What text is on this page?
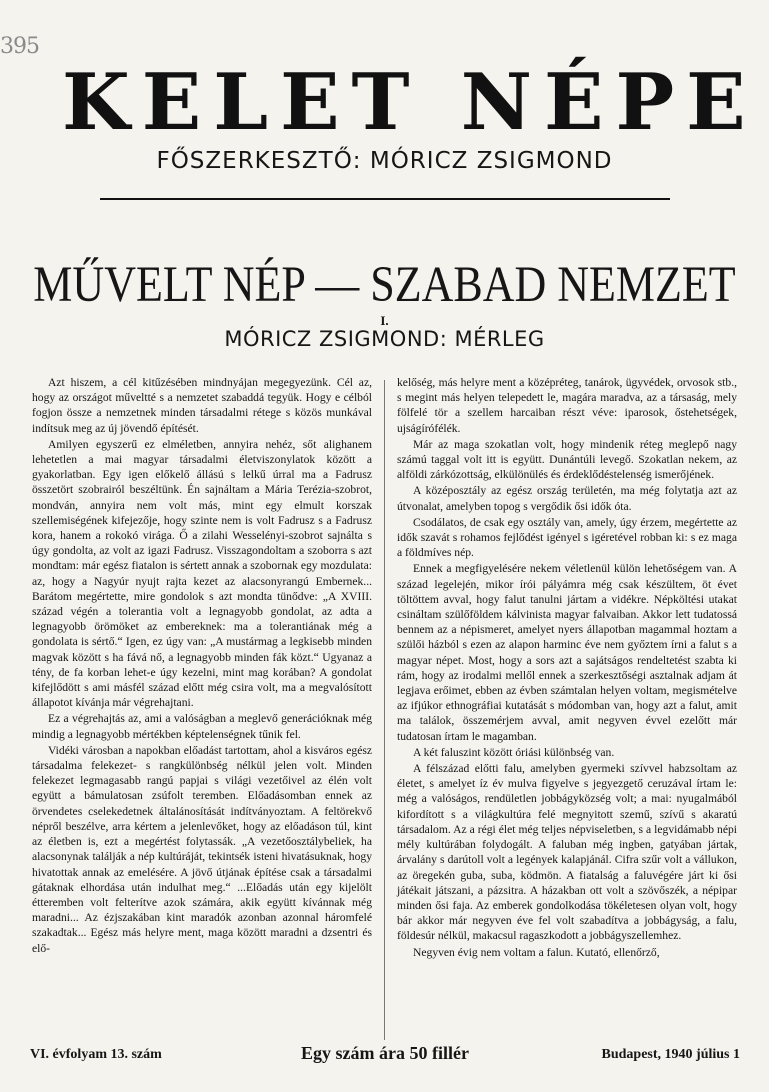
395
KELET NÉPE
FŐSZERKESZTŐ: MÓRICZ ZSIGMOND
MŰVELT NÉP — SZABAD NEMZET
I.
MÓRICZ ZSIGMOND: MÉRLEG

Azt hiszem, a cél kitűzésében mindnyájan megegyezünk. Cél az, hogy az országot műveltté s a nemzetet szabaddá tegyük. Hogy e célból fogjon össze a nemzetnek minden társadalmi rétege s közös munkával indítsuk meg az új jövendő építését.

Amilyen egyszerű ez elméletben, annyira nehéz, sőt alighanem lehetetlen a mai magyar társadalmi életviszonylatok között a gyakorlatban. Egy igen előkelő állású s lelkű úrral ma a Fadrusz összetört szobrairól beszéltünk. Én sajnáltam a Mária Terézia-szobrot, mondván, annyira nem volt más, mint egy elmult korszak szellemiségének kifejezője, hogy szinte nem is volt Fadrusz s a Fadrusz kora, hanem a rokokó virága. Ő a zilahi Wesselényi-szobrot sajnálta s úgy gondolta, az volt az igazi Fadrusz. Visszagondoltam a szoborra s azt mondtam: már egész fiatalon is sértett annak a szobornak egy mozdulata: az, hogy a Nagyúr nyujt rajta kezet az alacsonyrangú Embernek... Barátom megértette, mire gondolok s azt mondta tünődve: „A XVIII. század végén a tolerantia volt a legnagyobb gondolat, az adta a legnagyobb örömöket az embereknek: ma a tolerantiának még a gondolata is sértő.“ Igen, ez úgy van: „A mustármag a legkisebb minden magvak között s ha fává nő, a legnagyobb minden fák közt.“ Ugyanaz a tény, de fa korban lehet-e úgy kezelni, mint mag korában? A gondolat kifejlődött s ami másfél század előtt még csira volt, ma a megvalósított állapotot kívánja már végrehajtani.

Ez a végrehajtás az, ami a valóságban a meglevő generációknak még mindig a legnagyobb mértékben képtelenségnek tűnik fel.

Vidéki városban a napokban előadást tartottam, ahol a kisváros egész társadalma felekezet- s rangkülönbség nélkül jelen volt. Minden felekezet legmagasabb rangú papjai s világi vezetőivel az élén volt együtt a bámulatosan zsúfolt teremben. Előadásomban ennek az örvendetes cselekedetnek általánosítását indítványoztam. A feltörekvő népről beszélve, arra kértem a jelenlevőket, hogy az előadáson túl, kint az életben is, ezt a megértést folytassák. „A vezetőosztálybeliek, ha alacsonynak találják a nép kultúráját, tekintsék isteni hivatásuknak, hogy hivatottak annak az emelésére. A jövő útjának építése csak a társadalmi gátaknak elhordása után indulhat meg.“ ...Előadás után egy kijelölt étteremben volt felterítve azok számára, akik együtt kívánnak még maradni... Az ézjszakában kint maradók azonban azonnal háromfelé szakadtak... Egész más helyre ment, maga között maradni a dzsentri és elő-

kelőség, más helyre ment a középréteg, tanárok, ügyvédek, orvosok stb., s megint más helyen telepedett le, magára maradva, az a társaság, mely fölfelé tör a szellem harcaiban részt véve: iparosok, őstehetségek, ujságírófélék.

Már az maga szokatlan volt, hogy mindenik réteg meglepő nagy számú taggal volt itt is együtt. Dunántúli levegő. Szokatlan nekem, az alföldi zárkózottság, elkülönülés és érdeklődéstelenség ismerőjének.

A középosztály az egész ország területén, ma még folytatja azt az útvonalat, amelyben topog s vergődik ősi idők óta.

Csodálatos, de csak egy osztály van, amely, úgy érzem, megértette az idők szavát s rohamos fejlődést igényel s igéretével robban ki: s ez maga a földmíves nép.

Ennek a megfigyelésére nekem véletlenül külön lehetőségem van. A század legelején, mikor írói pályámra még csak készültem, öt évet töltöttem avval, hogy falut tanulni jártam a vidékre. Népköltési utakat csináltam szülőföldem kálvinista magyar falvaiban. Akkor lett tudatossá bennem az a népismeret, amelyet nyers állapotban magammal hoztam a szülői házból s ezen az alapon harminc éve nem győztem írni a falut s a magyar népet. Most, hogy a sors azt a sajátságos rendeltetést szabta ki rám, hogy az irodalmi mellől ennek a szerkesztőségi asztalnak adjam át legjava erőimet, ebben az évben számtalan helyen voltam, megismételve az ifjúkor ethnográfiai kutatását s módomban van, hogy azt a falut, amit ma találok, összemérjem avval, amit negyven évvel ezelőtt már tudatosan írtam le magamban.

A két faluszint között óriási különbség van.

A félszázad előtti falu, amelyben gyermeki szívvel habzsoltam az életet, s amelyet íz év mulva figyelve s jegyezgető ceruzával írtam le: még a valóságos, rendületlen jobbágyközség volt; a mai: nyugalmából kifordított s a világkultúra felé megnyitott szemű, szívű s akaratú társadalom. Az a régi élet még teljes népviseletben, s a legvidámabb népi mély kultúrában folydogált. A faluban még ingben, gatyában jártak, árvalány s darútoll volt a legények kalapjánál. Cifra szűr volt a vállukon, az öregekén guba, suba, ködmön. A fiatalság a faluvégére járt ki ősi játékait játszani, a pázsitra. A házakban ott volt a szövőszék, a népipar minden ősi faja. Az emberek gondolkodása tökéletesen olyan volt, hogy bár akkor már negyven éve fel volt szabadítva a jobbágyság, a falu, földesúr nélkül, makacsul ragaszkodott a jobbágyszellemhez.

Negyven évig nem voltam a falun. Kutató, ellenőrző,

VI. évfolyam 13. szám	Egy szám ára 50 fillér	Budapest, 1940 július 1
